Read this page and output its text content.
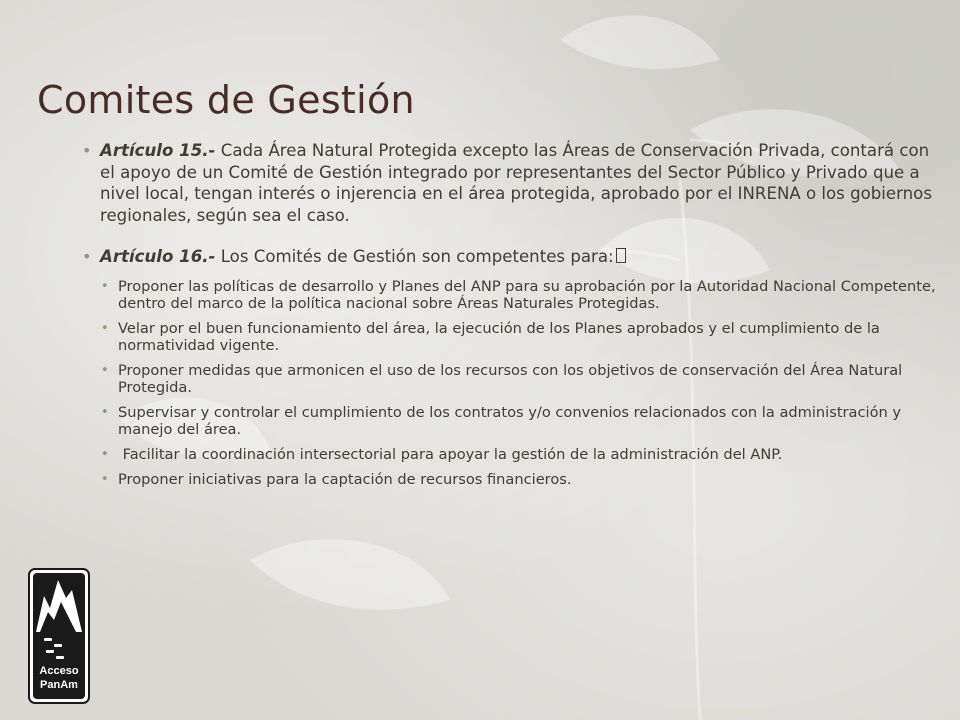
Comites de Gestión
• Artículo 15.- Cada Área Natural Protegida excepto las Áreas de Conservación Privada, contará con el apoyo de un Comité de Gestión integrado por representantes del Sector Público y Privado que a nivel local, tengan interés o injerencia en el área protegida, aprobado por el INRENA o los gobiernos regionales, según sea el caso.
• Artículo 16.- Los Comités de Gestión son competentes para:
• Proponer las políticas de desarrollo y Planes del ANP para su aprobación por la Autoridad Nacional Competente, dentro del marco de la política nacional sobre Áreas Naturales Protegidas.
• Velar por el buen funcionamiento del área, la ejecución de los Planes aprobados y el cumplimiento de la normatividad vigente.
• Proponer medidas que armonicen el uso de los recursos con los objetivos de conservación del Área Natural Protegida.
• Supervisar y controlar el cumplimiento de los contratos y/o convenios relacionados con la administración y manejo del área.
•  Facilitar la coordinación intersectorial para apoyar la gestión de la administración del ANP.
• Proponer iniciativas para la captación de recursos financieros.
Acceso
PanAm
